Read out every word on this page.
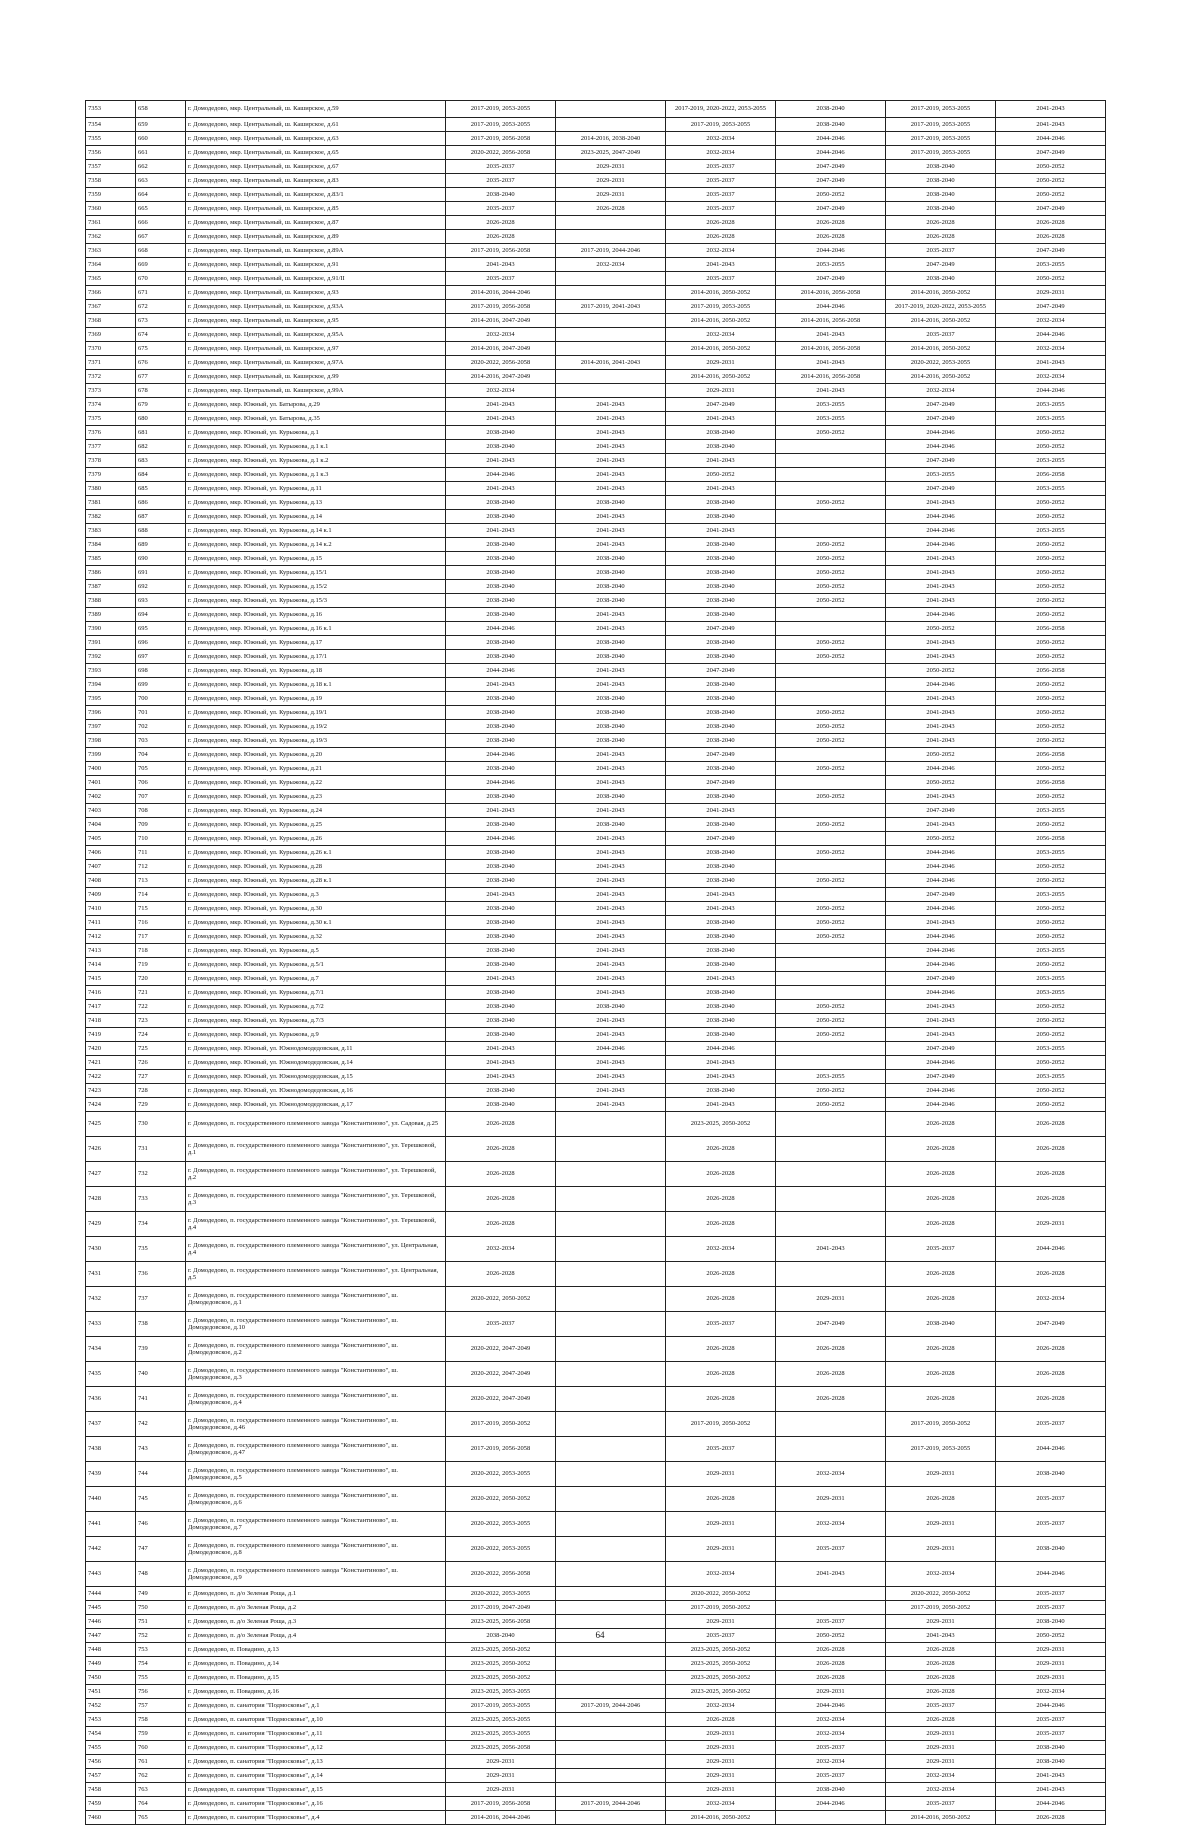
7353	658	г. Домодедово, мкр. Центральный, ш. Каширское, д.59	2017-2019, 2053-2055		2017-2019, 2020-2022, 2053-2055	2038-2040	2017-2019, 2053-2055	2041-2043
7354	659	г. Домодедово, мкр. Центральный, ш. Каширское, д.61	2017-2019, 2053-2055		2017-2019, 2053-2055	2038-2040	2017-2019, 2053-2055	2041-2043
7355	660	г. Домодедово, мкр. Центральный, ш. Каширское, д.63	2017-2019, 2056-2058	2014-2016, 2038-2040	2032-2034	2044-2046	2017-2019, 2053-2055	2044-2046
7356	661	г. Домодедово, мкр. Центральный, ш. Каширское, д.65	2020-2022, 2056-2058	2023-2025, 2047-2049	2032-2034	2044-2046	2017-2019, 2053-2055	2047-2049
7357	662	г. Домодедово, мкр. Центральный, ш. Каширское, д.67	2035-2037	2029-2031	2035-2037	2047-2049	2038-2040	2050-2052
7358	663	г. Домодедово, мкр. Центральный, ш. Каширское, д.83	2035-2037	2029-2031	2035-2037	2047-2049	2038-2040	2050-2052
7359	664	г. Домодедово, мкр. Центральный, ш. Каширское, д.83/1	2038-2040	2029-2031	2035-2037	2050-2052	2038-2040	2050-2052
7360	665	г. Домодедово, мкр. Центральный, ш. Каширское, д.85	2035-2037	2026-2028	2035-2037	2047-2049	2038-2040	2047-2049
7361	666	г. Домодедово, мкр. Центральный, ш. Каширское, д.87	2026-2028		2026-2028	2026-2028	2026-2028	2026-2028
7362	667	г. Домодедово, мкр. Центральный, ш. Каширское, д.89	2026-2028		2026-2028	2026-2028	2026-2028	2026-2028
7363	668	г. Домодедово, мкр. Центральный, ш. Каширское, д.89А	2017-2019, 2056-2058	2017-2019, 2044-2046	2032-2034	2044-2046	2035-2037	2047-2049
7364	669	г. Домодедово, мкр. Центральный, ш. Каширское, д.91	2041-2043	2032-2034	2041-2043	2053-2055	2047-2049	2053-2055
7365	670	г. Домодедово, мкр. Центральный, ш. Каширское, д.91/II	2035-2037		2035-2037	2047-2049	2038-2040	2050-2052
7366	671	г. Домодедово, мкр. Центральный, ш. Каширское, д.93	2014-2016, 2044-2046		2014-2016, 2050-2052	2014-2016, 2056-2058	2014-2016, 2050-2052	2029-2031
7367	672	г. Домодедово, мкр. Центральный, ш. Каширское, д.93А	2017-2019, 2056-2058	2017-2019, 2041-2043	2017-2019, 2053-2055	2044-2046	2017-2019, 2020-2022, 2053-2055	2047-2049
7368	673	г. Домодедово, мкр. Центральный, ш. Каширское, д.95	2014-2016, 2047-2049		2014-2016, 2050-2052	2014-2016, 2056-2058	2014-2016, 2050-2052	2032-2034
7369	674	г. Домодедово, мкр. Центральный, ш. Каширское, д.95А	2032-2034		2032-2034	2041-2043	2035-2037	2044-2046
7370	675	г. Домодедово, мкр. Центральный, ш. Каширское, д.97	2014-2016, 2047-2049		2014-2016, 2050-2052	2014-2016, 2056-2058	2014-2016, 2050-2052	2032-2034
7371	676	г. Домодедово, мкр. Центральный, ш. Каширское, д.97А	2020-2022, 2056-2058	2014-2016, 2041-2043	2029-2031	2041-2043	2020-2022, 2053-2055	2041-2043
7372	677	г. Домодедово, мкр. Центральный, ш. Каширское, д.99	2014-2016, 2047-2049		2014-2016, 2050-2052	2014-2016, 2056-2058	2014-2016, 2050-2052	2032-2034
7373	678	г. Домодедово, мкр. Центральный, ш. Каширское, д.99А	2032-2034		2029-2031	2041-2043	2032-2034	2044-2046
7374	679	г. Домодедово, мкр. Южный, ул. Батырова, д.29	2041-2043	2041-2043	2047-2049	2053-2055	2047-2049	2053-2055
7375	680	г. Домодедово, мкр. Южный, ул. Батырова, д.35	2041-2043	2041-2043	2041-2043	2053-2055	2047-2049	2053-2055
7376	681	г. Домодедово, мкр. Южный, ул. Курыжова, д.1	2038-2040	2041-2043	2038-2040	2050-2052	2044-2046	2050-2052
7377	682	г. Домодедово, мкр. Южный, ул. Курыжова, д.1 к.1	2038-2040	2041-2043	2038-2040		2044-2046	2050-2052
7378	683	г. Домодедово, мкр. Южный, ул. Курыжова, д.1 к.2	2041-2043	2041-2043	2041-2043		2047-2049	2053-2055
7379	684	г. Домодедово, мкр. Южный, ул. Курыжова, д.1 к.3	2044-2046	2041-2043	2050-2052		2053-2055	2056-2058
7380	685	г. Домодедово, мкр. Южный, ул. Курыжова, д.11	2041-2043	2041-2043	2041-2043		2047-2049	2053-2055
7381	686	г. Домодедово, мкр. Южный, ул. Курыжова, д.13	2038-2040	2038-2040	2038-2040	2050-2052	2041-2043	2050-2052
7382	687	г. Домодедово, мкр. Южный, ул. Курыжова, д.14	2038-2040	2041-2043	2038-2040		2044-2046	2050-2052
7383	688	г. Домодедово, мкр. Южный, ул. Курыжова, д.14 к.1	2041-2043	2041-2043	2041-2043		2044-2046	2053-2055
7384	689	г. Домодедово, мкр. Южный, ул. Курыжова, д.14 к.2	2038-2040	2041-2043	2038-2040	2050-2052	2044-2046	2050-2052
7385	690	г. Домодедово, мкр. Южный, ул. Курыжова, д.15	2038-2040	2038-2040	2038-2040	2050-2052	2041-2043	2050-2052
7386	691	г. Домодедово, мкр. Южный, ул. Курыжова, д.15/1	2038-2040	2038-2040	2038-2040	2050-2052	2041-2043	2050-2052
7387	692	г. Домодедово, мкр. Южный, ул. Курыжова, д.15/2	2038-2040	2038-2040	2038-2040	2050-2052	2041-2043	2050-2052
7388	693	г. Домодедово, мкр. Южный, ул. Курыжова, д.15/3	2038-2040	2038-2040	2038-2040	2050-2052	2041-2043	2050-2052
7389	694	г. Домодедово, мкр. Южный, ул. Курыжова, д.16	2038-2040	2041-2043	2038-2040		2044-2046	2050-2052
7390	695	г. Домодедово, мкр. Южный, ул. Курыжова, д.16 к.1	2044-2046	2041-2043	2047-2049		2050-2052	2056-2058
7391	696	г. Домодедово, мкр. Южный, ул. Курыжова, д.17	2038-2040	2038-2040	2038-2040	2050-2052	2041-2043	2050-2052
7392	697	г. Домодедово, мкр. Южный, ул. Курыжова, д.17/1	2038-2040	2038-2040	2038-2040	2050-2052	2041-2043	2050-2052
7393	698	г. Домодедово, мкр. Южный, ул. Курыжова, д.18	2044-2046	2041-2043	2047-2049		2050-2052	2056-2058
7394	699	г. Домодедово, мкр. Южный, ул. Курыжова, д.18 к.1	2041-2043	2041-2043	2038-2040		2044-2046	2050-2052
7395	700	г. Домодедово, мкр. Южный, ул. Курыжова, д.19	2038-2040	2038-2040	2038-2040		2041-2043	2050-2052
7396	701	г. Домодедово, мкр. Южный, ул. Курыжова, д.19/1	2038-2040	2038-2040	2038-2040	2050-2052	2041-2043	2050-2052
7397	702	г. Домодедово, мкр. Южный, ул. Курыжова, д.19/2	2038-2040	2038-2040	2038-2040	2050-2052	2041-2043	2050-2052
7398	703	г. Домодедово, мкр. Южный, ул. Курыжова, д.19/3	2038-2040	2038-2040	2038-2040	2050-2052	2041-2043	2050-2052
7399	704	г. Домодедово, мкр. Южный, ул. Курыжова, д.20	2044-2046	2041-2043	2047-2049		2050-2052	2056-2058
7400	705	г. Домодедово, мкр. Южный, ул. Курыжова, д.21	2038-2040	2041-2043	2038-2040	2050-2052	2044-2046	2050-2052
7401	706	г. Домодедово, мкр. Южный, ул. Курыжова, д.22	2044-2046	2041-2043	2047-2049		2050-2052	2056-2058
7402	707	г. Домодедово, мкр. Южный, ул. Курыжова, д.23	2038-2040	2038-2040	2038-2040	2050-2052	2041-2043	2050-2052
7403	708	г. Домодедово, мкр. Южный, ул. Курыжова, д.24	2041-2043	2041-2043	2041-2043		2047-2049	2053-2055
7404	709	г. Домодедово, мкр. Южный, ул. Курыжова, д.25	2038-2040	2038-2040	2038-2040	2050-2052	2041-2043	2050-2052
7405	710	г. Домодедово, мкр. Южный, ул. Курыжова, д.26	2044-2046	2041-2043	2047-2049		2050-2052	2056-2058
7406	711	г. Домодедово, мкр. Южный, ул. Курыжова, д.26 к.1	2038-2040	2041-2043	2038-2040	2050-2052	2044-2046	2053-2055
7407	712	г. Домодедово, мкр. Южный, ул. Курыжова, д.28	2038-2040	2041-2043	2038-2040		2044-2046	2050-2052
7408	713	г. Домодедово, мкр. Южный, ул. Курыжова, д.28 к.1	2038-2040	2041-2043	2038-2040	2050-2052	2044-2046	2050-2052
7409	714	г. Домодедово, мкр. Южный, ул. Курыжова, д.3	2041-2043	2041-2043	2041-2043		2047-2049	2053-2055
7410	715	г. Домодедово, мкр. Южный, ул. Курыжова, д.30	2038-2040	2041-2043	2041-2043	2050-2052	2044-2046	2050-2052
7411	716	г. Домодедово, мкр. Южный, ул. Курыжова, д.30 к.1	2038-2040	2041-2043	2038-2040	2050-2052	2041-2043	2050-2052
7412	717	г. Домодедово, мкр. Южный, ул. Курыжова, д.32	2038-2040	2041-2043	2038-2040	2050-2052	2044-2046	2050-2052
7413	718	г. Домодедово, мкр. Южный, ул. Курыжова, д.5	2038-2040	2041-2043	2038-2040		2044-2046	2053-2055
7414	719	г. Домодедово, мкр. Южный, ул. Курыжова, д.5/1	2038-2040	2041-2043	2038-2040		2044-2046	2050-2052
7415	720	г. Домодедово, мкр. Южный, ул. Курыжова, д.7	2041-2043	2041-2043	2041-2043		2047-2049	2053-2055
7416	721	г. Домодедово, мкр. Южный, ул. Курыжова, д.7/1	2038-2040	2041-2043	2038-2040		2044-2046	2053-2055
7417	722	г. Домодедово, мкр. Южный, ул. Курыжова, д.7/2	2038-2040	2038-2040	2038-2040	2050-2052	2041-2043	2050-2052
7418	723	г. Домодедово, мкр. Южный, ул. Курыжова, д.7/3	2038-2040	2041-2043	2038-2040	2050-2052	2041-2043	2050-2052
7419	724	г. Домодедово, мкр. Южный, ул. Курыжова, д.9	2038-2040	2041-2043	2038-2040	2050-2052	2041-2043	2050-2052
7420	725	г. Домодедово, мкр. Южный, ул. Южнодомодедовская, д.11	2041-2043	2044-2046	2044-2046		2047-2049	2053-2055
7421	726	г. Домодедово, мкр. Южный, ул. Южнодомодедовская, д.14	2041-2043	2041-2043	2041-2043		2044-2046	2050-2052
7422	727	г. Домодедово, мкр. Южный, ул. Южнодомодедовская, д.15	2041-2043	2041-2043	2041-2043	2053-2055	2047-2049	2053-2055
7423	728	г. Домодедово, мкр. Южный, ул. Южнодомодедовская, д.16	2038-2040	2041-2043	2038-2040	2050-2052	2044-2046	2050-2052
7424	729	г. Домодедово, мкр. Южный, ул. Южнодомодедовская, д.17	2038-2040	2041-2043	2041-2043	2050-2052	2044-2046	2050-2052
7425	730	г. Домодедово, п. государственного племенного завода "Константиново", ул. Садовая, д.25	2026-2028		2023-2025, 2050-2052		2026-2028	2026-2028
7426	731	г. Домодедово, п. государственного племенного завода "Константиново", ул. Терешковой, д.1	2026-2028		2026-2028		2026-2028	2026-2028
7427	732	г. Домодедово, п. государственного племенного завода "Константиново", ул. Терешковой, д.2	2026-2028		2026-2028		2026-2028	2026-2028
7428	733	г. Домодедово, п. государственного племенного завода "Константиново", ул. Терешковой, д.3	2026-2028		2026-2028		2026-2028	2026-2028
7429	734	г. Домодедово, п. государственного племенного завода "Константиново", ул. Терешковой, д.4	2026-2028		2026-2028		2026-2028	2029-2031
7430	735	г. Домодедово, п. государственного племенного завода "Константиново", ул. Центральная, д.4	2032-2034		2032-2034	2041-2043	2035-2037	2044-2046
7431	736	г. Домодедово, п. государственного племенного завода "Константиново", ул. Центральная, д.5	2026-2028		2026-2028		2026-2028	2026-2028
7432	737	г. Домодедово, п. государственного племенного завода "Константиново", ш. Домодедовское, д.1	2020-2022, 2050-2052		2026-2028	2029-2031	2026-2028	2032-2034
7433	738	г. Домодедово, п. государственного племенного завода "Константиново", ш. Домодедовское, д.10	2035-2037		2035-2037	2047-2049	2038-2040	2047-2049
7434	739	г. Домодедово, п. государственного племенного завода "Константиново", ш. Домодедовское, д.2	2020-2022, 2047-2049		2026-2028	2026-2028	2026-2028	2026-2028
7435	740	г. Домодедово, п. государственного племенного завода "Константиново", ш. Домодедовское, д.3	2020-2022, 2047-2049		2026-2028	2026-2028	2026-2028	2026-2028
7436	741	г. Домодедово, п. государственного племенного завода "Константиново", ш. Домодедовское, д.4	2020-2022, 2047-2049		2026-2028	2026-2028	2026-2028	2026-2028
7437	742	г. Домодедово, п. государственного племенного завода "Константиново", ш. Домодедовское, д.46	2017-2019, 2050-2052		2017-2019, 2050-2052		2017-2019, 2050-2052	2035-2037
7438	743	г. Домодедово, п. государственного племенного завода "Константиново", ш. Домодедовское, д.47	2017-2019, 2056-2058		2035-2037		2017-2019, 2053-2055	2044-2046
7439	744	г. Домодедово, п. государственного племенного завода "Константиново", ш. Домодедовское, д.5	2020-2022, 2053-2055		2029-2031	2032-2034	2029-2031	2038-2040
7440	745	г. Домодедово, п. государственного племенного завода "Константиново", ш. Домодедовское, д.6	2020-2022, 2050-2052		2026-2028	2029-2031	2026-2028	2035-2037
7441	746	г. Домодедово, п. государственного племенного завода "Константиново", ш. Домодедовское, д.7	2020-2022, 2053-2055		2029-2031	2032-2034	2029-2031	2035-2037
7442	747	г. Домодедово, п. государственного племенного завода "Константиново", ш. Домодедовское, д.8	2020-2022, 2053-2055		2029-2031	2035-2037	2029-2031	2038-2040
7443	748	г. Домодедово, п. государственного племенного завода "Константиново", ш. Домодедовское, д.9	2020-2022, 2056-2058		2032-2034	2041-2043	2032-2034	2044-2046
7444	749	г. Домодедово, п. д/о Зеленая Роща, д.1	2020-2022, 2053-2055		2020-2022, 2050-2052		2020-2022, 2050-2052	2035-2037
7445	750	г. Домодедово, п. д/о Зеленая Роща, д.2	2017-2019, 2047-2049		2017-2019, 2050-2052		2017-2019, 2050-2052	2035-2037
7446	751	г. Домодедово, п. д/о Зеленая Роща, д.3	2023-2025, 2056-2058		2029-2031	2035-2037	2029-2031	2038-2040
7447	752	г. Домодедово, п. д/о Зеленая Роща, д.4	2038-2040		2035-2037	2050-2052	2041-2043	2050-2052
7448	753	г. Домодедово, п. Повадино, д.13	2023-2025, 2050-2052		2023-2025, 2050-2052	2026-2028	2026-2028	2029-2031
7449	754	г. Домодедово, п. Повадино, д.14	2023-2025, 2050-2052		2023-2025, 2050-2052	2026-2028	2026-2028	2029-2031
7450	755	г. Домодедово, п. Повадино, д.15	2023-2025, 2050-2052		2023-2025, 2050-2052	2026-2028	2026-2028	2029-2031
7451	756	г. Домодедово, п. Повадино, д.16	2023-2025, 2053-2055		2023-2025, 2050-2052	2029-2031	2026-2028	2032-2034
7452	757	г. Домодедово, п. санатория "Подмосковье", д.1	2017-2019, 2053-2055	2017-2019, 2044-2046	2032-2034	2044-2046	2035-2037	2044-2046
7453	758	г. Домодедово, п. санатория "Подмосковье", д.10	2023-2025, 2053-2055		2026-2028	2032-2034	2026-2028	2035-2037
7454	759	г. Домодедово, п. санатория "Подмосковье", д.11	2023-2025, 2053-2055		2029-2031	2032-2034	2029-2031	2035-2037
7455	760	г. Домодедово, п. санатория "Подмосковье", д.12	2023-2025, 2056-2058		2029-2031	2035-2037	2029-2031	2038-2040
7456	761	г. Домодедово, п. санатория "Подмосковье", д.13	2029-2031		2029-2031	2032-2034	2029-2031	2038-2040
7457	762	г. Домодедово, п. санатория "Подмосковье", д.14	2029-2031		2029-2031	2035-2037	2032-2034	2041-2043
7458	763	г. Домодедово, п. санатория "Подмосковье", д.15	2029-2031		2029-2031	2038-2040	2032-2034	2041-2043
7459	764	г. Домодедово, п. санатория "Подмосковье", д.16	2017-2019, 2056-2058	2017-2019, 2044-2046	2032-2034	2044-2046	2035-2037	2044-2046
7460	765	г. Домодедово, п. санатория "Подмосковье", д.4	2014-2016, 2044-2046		2014-2016, 2050-2052		2014-2016, 2050-2052	2026-2028
64
